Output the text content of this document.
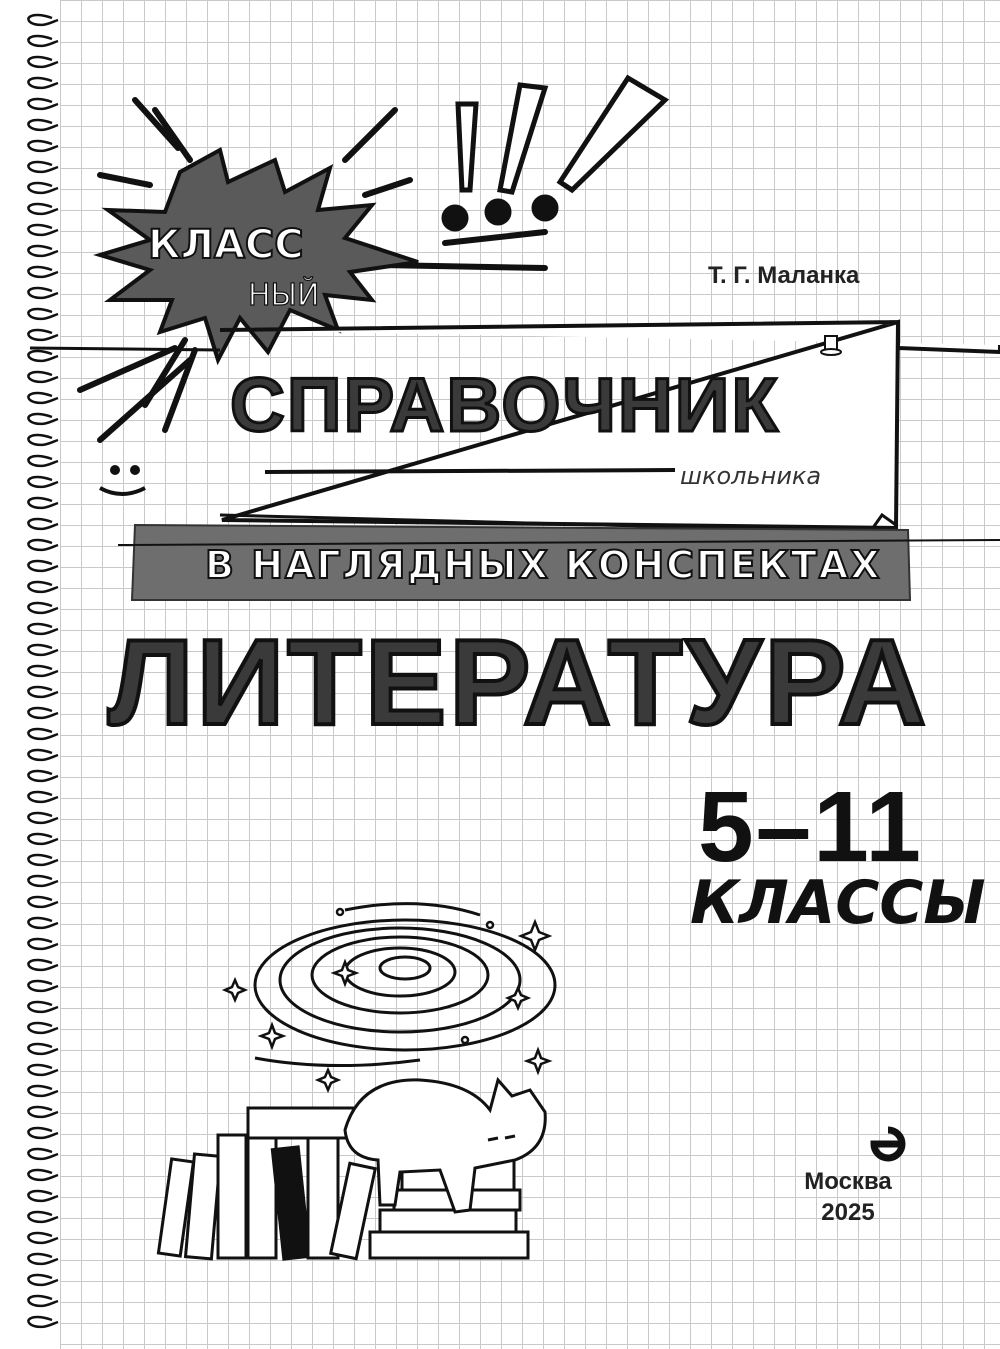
КЛАСС
НЫЙ
Т. Г. Маланка
СПРАВОЧНИК
школьника
В НАГЛЯДНЫХ КОНСПЕКТАХ
ЛИТЕРАТУРА
5–11
КЛАССЫ
Москва
2025
